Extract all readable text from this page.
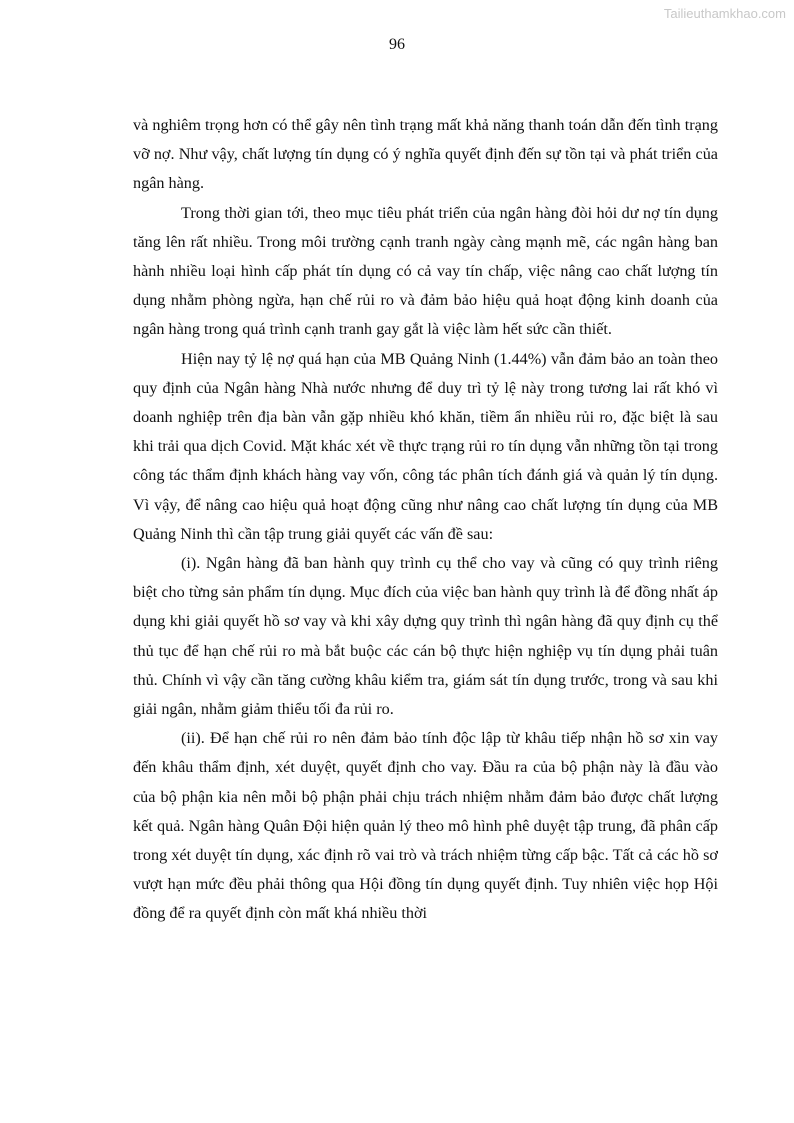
Tailieuthamkhao.com
96

và nghiêm trọng hơn có thể gây nên tình trạng mất khả năng thanh toán dẫn đến tình trạng vỡ nợ. Như vậy, chất lượng tín dụng có ý nghĩa quyết định đến sự tồn tại và phát triển của ngân hàng.

Trong thời gian tới, theo mục tiêu phát triển của ngân hàng đòi hỏi dư nợ tín dụng tăng lên rất nhiều. Trong môi trường cạnh tranh ngày càng mạnh mẽ, các ngân hàng ban hành nhiều loại hình cấp phát tín dụng có cả vay tín chấp, việc nâng cao chất lượng tín dụng nhằm phòng ngừa, hạn chế rủi ro và đảm bảo hiệu quả hoạt động kinh doanh của ngân hàng trong quá trình cạnh tranh gay gắt là việc làm hết sức cần thiết.

Hiện nay tỷ lệ nợ quá hạn của MB Quảng Ninh (1.44%) vẫn đảm bảo an toàn theo quy định của Ngân hàng Nhà nước nhưng để duy trì tỷ lệ này trong tương lai rất khó vì doanh nghiệp trên địa bàn vẫn gặp nhiều khó khăn, tiềm ẩn nhiều rủi ro, đặc biệt là sau khi trải qua dịch Covid. Mặt khác xét về thực trạng rủi ro tín dụng vẫn những tồn tại trong công tác thẩm định khách hàng vay vốn, công tác phân tích đánh giá và quản lý tín dụng. Vì vậy, để nâng cao hiệu quả hoạt động cũng như nâng cao chất lượng tín dụng của MB Quảng Ninh thì cần tập trung giải quyết các vấn đề sau:

(i). Ngân hàng đã ban hành quy trình cụ thể cho vay và cũng có quy trình riêng biệt cho từng sản phẩm tín dụng. Mục đích của việc ban hành quy trình là để đồng nhất áp dụng khi giải quyết hồ sơ vay và khi xây dựng quy trình thì ngân hàng đã quy định cụ thể thủ tục để hạn chế rủi ro mà bắt buộc các cán bộ thực hiện nghiệp vụ tín dụng phải tuân thủ. Chính vì vậy cần tăng cường khâu kiểm tra, giám sát tín dụng trước, trong và sau khi giải ngân, nhằm giảm thiểu tối đa rủi ro.

(ii). Để hạn chế rủi ro nên đảm bảo tính độc lập từ khâu tiếp nhận hồ sơ xin vay đến khâu thẩm định, xét duyệt, quyết định cho vay. Đầu ra của bộ phận này là đầu vào của bộ phận kia nên mỗi bộ phận phải chịu trách nhiệm nhằm đảm bảo được chất lượng kết quả. Ngân hàng Quân Đội hiện quản lý theo mô hình phê duyệt tập trung, đã phân cấp trong xét duyệt tín dụng, xác định rõ vai trò và trách nhiệm từng cấp bậc. Tất cả các hồ sơ vượt hạn mức đều phải thông qua Hội đồng tín dụng quyết định. Tuy nhiên việc họp Hội đồng để ra quyết định còn mất khá nhiều thời
